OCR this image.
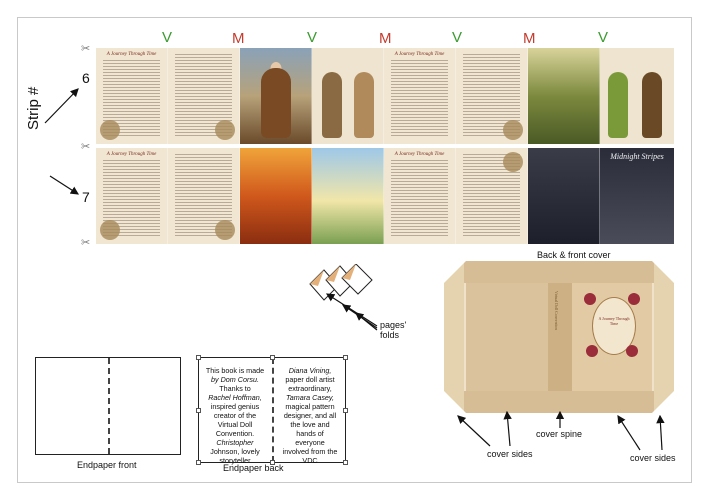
V	M	V	M	V	M	V
✂
✂
✂
A Journey Through Time	A Journey Through Time
A Journey Through Time	A Journey Through Time	Midnight Stripes
Strip #
6
7
Back & front cover
pages'
folds
Virtual Doll Convention	A Journey Through Time
cover sides
cover spine
cover sides
Endpaper front
This book is made
by Dom Corsu.
Thanks to
Rachel Hoffman,
inspired genius
creator of the
Virtual Doll
Convention.
Christopher
Johnson, lovely
storyteller
Diana Vining,
paper doll artist
extraordinary,
Tamara Casey,
magical pattern
designer, and all
the love and
hands of
everyone
involved from the
VDC
Endpaper back
